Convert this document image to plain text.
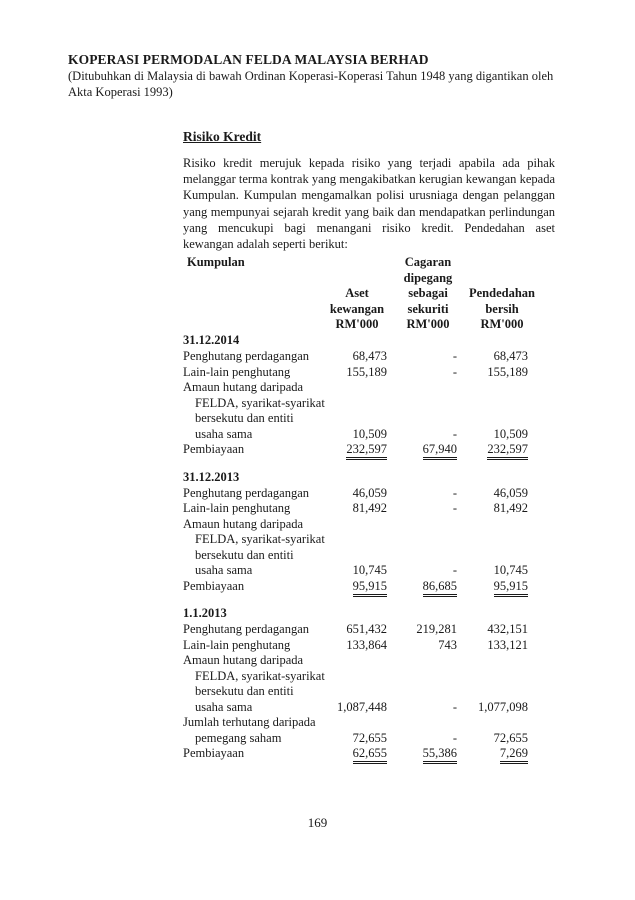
KOPERASI PERMODALAN FELDA MALAYSIA BERHAD
(Ditubuhkan di Malaysia di bawah Ordinan Koperasi-Koperasi Tahun 1948 yang digantikan oleh Akta Koperasi 1993)
Risiko Kredit
Risiko kredit merujuk kepada risiko yang terjadi apabila ada pihak melanggar terma kontrak yang mengakibatkan kerugian kewangan kepada Kumpulan. Kumpulan mengamalkan polisi urusniaga dengan pelanggan yang mempunyai sejarah kredit yang baik dan mendapatkan perlindungan yang mencukupi bagi menangani risiko kredit. Pendedahan aset kewangan adalah seperti berikut:
Kumpulan
Aset
kewangan
RM'000
Cagaran
dipegang
sebagai
sekuriti
RM'000
Pendedahan
bersih
RM'000
31.12.2014
Penghutang perdagangan	68,473	-	68,473
Lain-lain penghutang	155,189	-	155,189
Amaun hutang daripada
FELDA, syarikat-syarikat
bersekutu dan entiti
usaha sama	10,509	-	10,509
Pembiayaan	232,597	67,940	232,597
31.12.2013
Penghutang perdagangan	46,059	-	46,059
Lain-lain penghutang	81,492	-	81,492
Amaun hutang daripada
FELDA, syarikat-syarikat
bersekutu dan entiti
usaha sama	10,745	-	10,745
Pembiayaan	95,915	86,685	95,915
1.1.2013
Penghutang perdagangan	651,432	219,281	432,151
Lain-lain penghutang	133,864	743	133,121
Amaun hutang daripada
FELDA, syarikat-syarikat
bersekutu dan entiti
usaha sama	1,087,448	-	1,077,098
Jumlah terhutang daripada
pemegang saham	72,655	-	72,655
Pembiayaan	62,655	55,386	7,269
169
